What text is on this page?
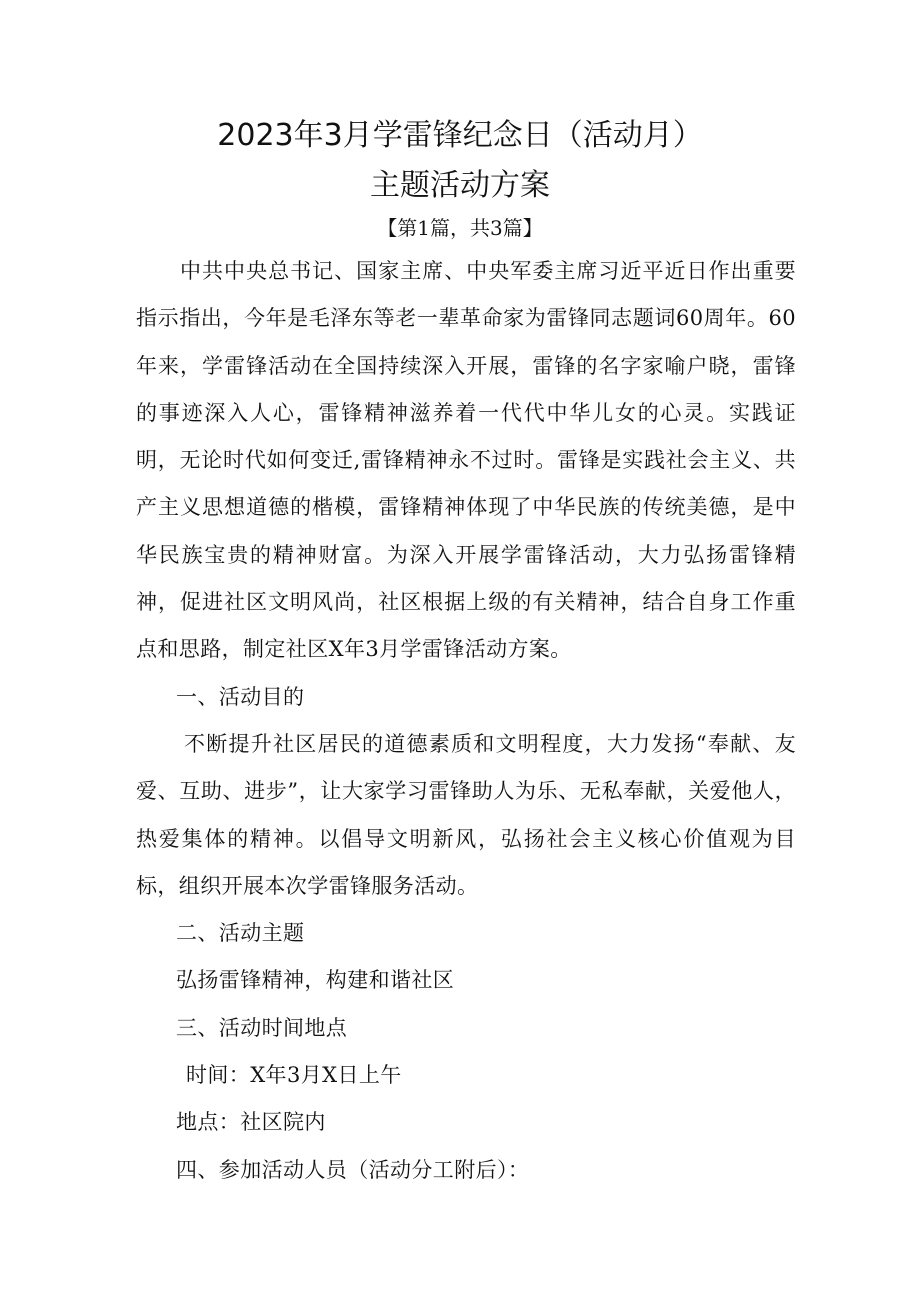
2023年3月学雷锋纪念日（活动月）
主题活动方案
【第1篇，共3篇】

中共中央总书记、国家主席、中央军委主席习近平近日作出重要指示指出，今年是毛泽东等老一辈革命家为雷锋同志题词60周年。60年来，学雷锋活动在全国持续深入开展，雷锋的名字家喻户晓，雷锋的事迹深入人心，雷锋精神滋养着一代代中华儿女的心灵。实践证明，无论时代如何变迁,雷锋精神永不过时。雷锋是实践社会主义、共产主义思想道德的楷模，雷锋精神体现了中华民族的传统美德，是中华民族宝贵的精神财富。为深入开展学雷锋活动，大力弘扬雷锋精神，促进社区文明风尚，社区根据上级的有关精神，结合自身工作重点和思路，制定社区X年3月学雷锋活动方案。

一、活动目的

不断提升社区居民的道德素质和文明程度，大力发扬“奉献、友爱、互助、进步”，让大家学习雷锋助人为乐、无私奉献，关爱他人，热爱集体的精神。以倡导文明新风，弘扬社会主义核心价值观为目标，组织开展本次学雷锋服务活动。

二、活动主题

弘扬雷锋精神，构建和谐社区

三、活动时间地点

时间：X年3月X日上午

地点：社区院内

四、参加活动人员（活动分工附后）：
